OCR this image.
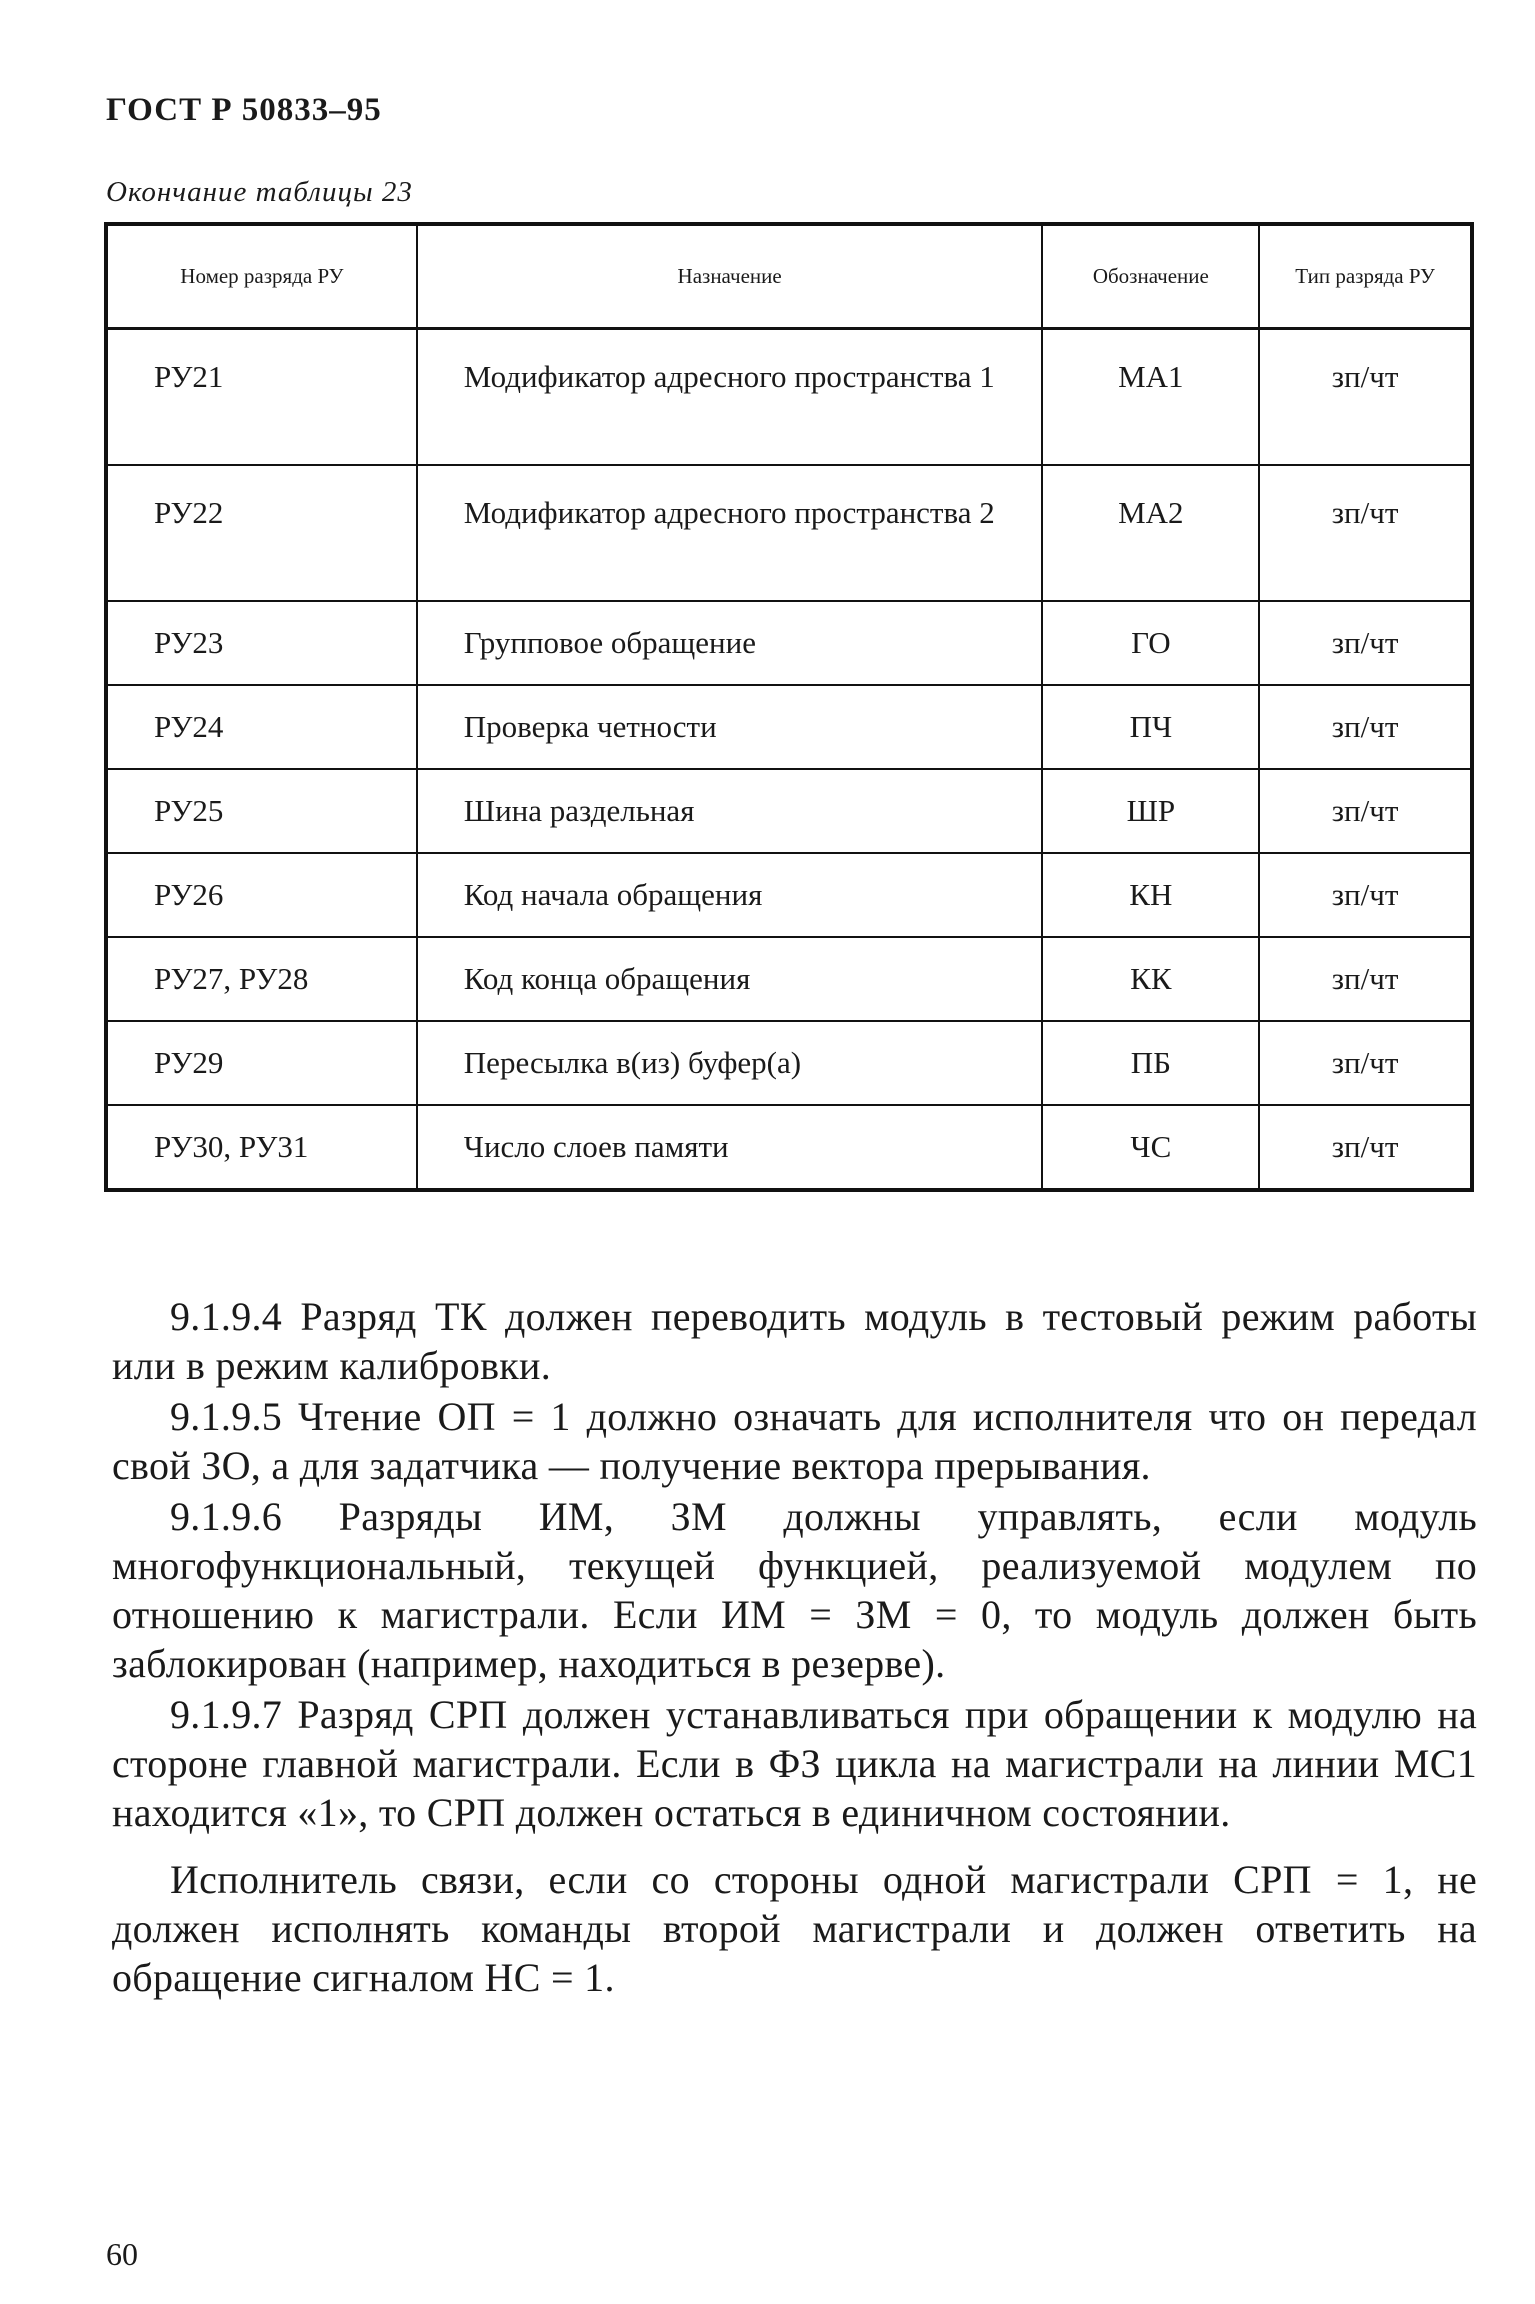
ГОСТ Р 50833–95
Окончание таблицы 23
Номер разряда РУ	Назначение	Обозначение	Тип разряда РУ
РУ21	Модификатор адресного пространства 1	МА1	зп/чт
РУ22	Модификатор адресного пространства 2	МА2	зп/чт
РУ23	Групповое обращение	ГО	зп/чт
РУ24	Проверка четности	ПЧ	зп/чт
РУ25	Шина раздельная	ШР	зп/чт
РУ26	Код начала обращения	КН	зп/чт
РУ27, РУ28	Код конца обращения	КК	зп/чт
РУ29	Пересылка в(из) буфер(а)	ПБ	зп/чт
РУ30, РУ31	Число слоев памяти	ЧС	зп/чт

9.1.9.4 Разряд ТК должен переводить модуль в тестовый режим работы или в режим калибровки.

9.1.9.5 Чтение ОП = 1 должно означать для исполнителя что он передал свой ЗО, а для задатчика — получение вектора прерывания.

9.1.9.6 Разряды ИМ, ЗМ должны управлять, если модуль многофункциональный, текущей функцией, реализуемой модулем по отношению к магистрали. Если ИМ = ЗМ = 0, то модуль должен быть заблокирован (например, находиться в резерве).

9.1.9.7 Разряд СРП должен устанавливаться при обращении к модулю на стороне главной магистрали. Если в ФЗ цикла на магистрали на линии МС1 находится «1», то СРП должен остаться в единичном состоянии.

Исполнитель связи, если со стороны одной магистрали СРП = 1, не должен исполнять команды второй магистрали и должен ответить на обращение сигналом НС = 1.

60
